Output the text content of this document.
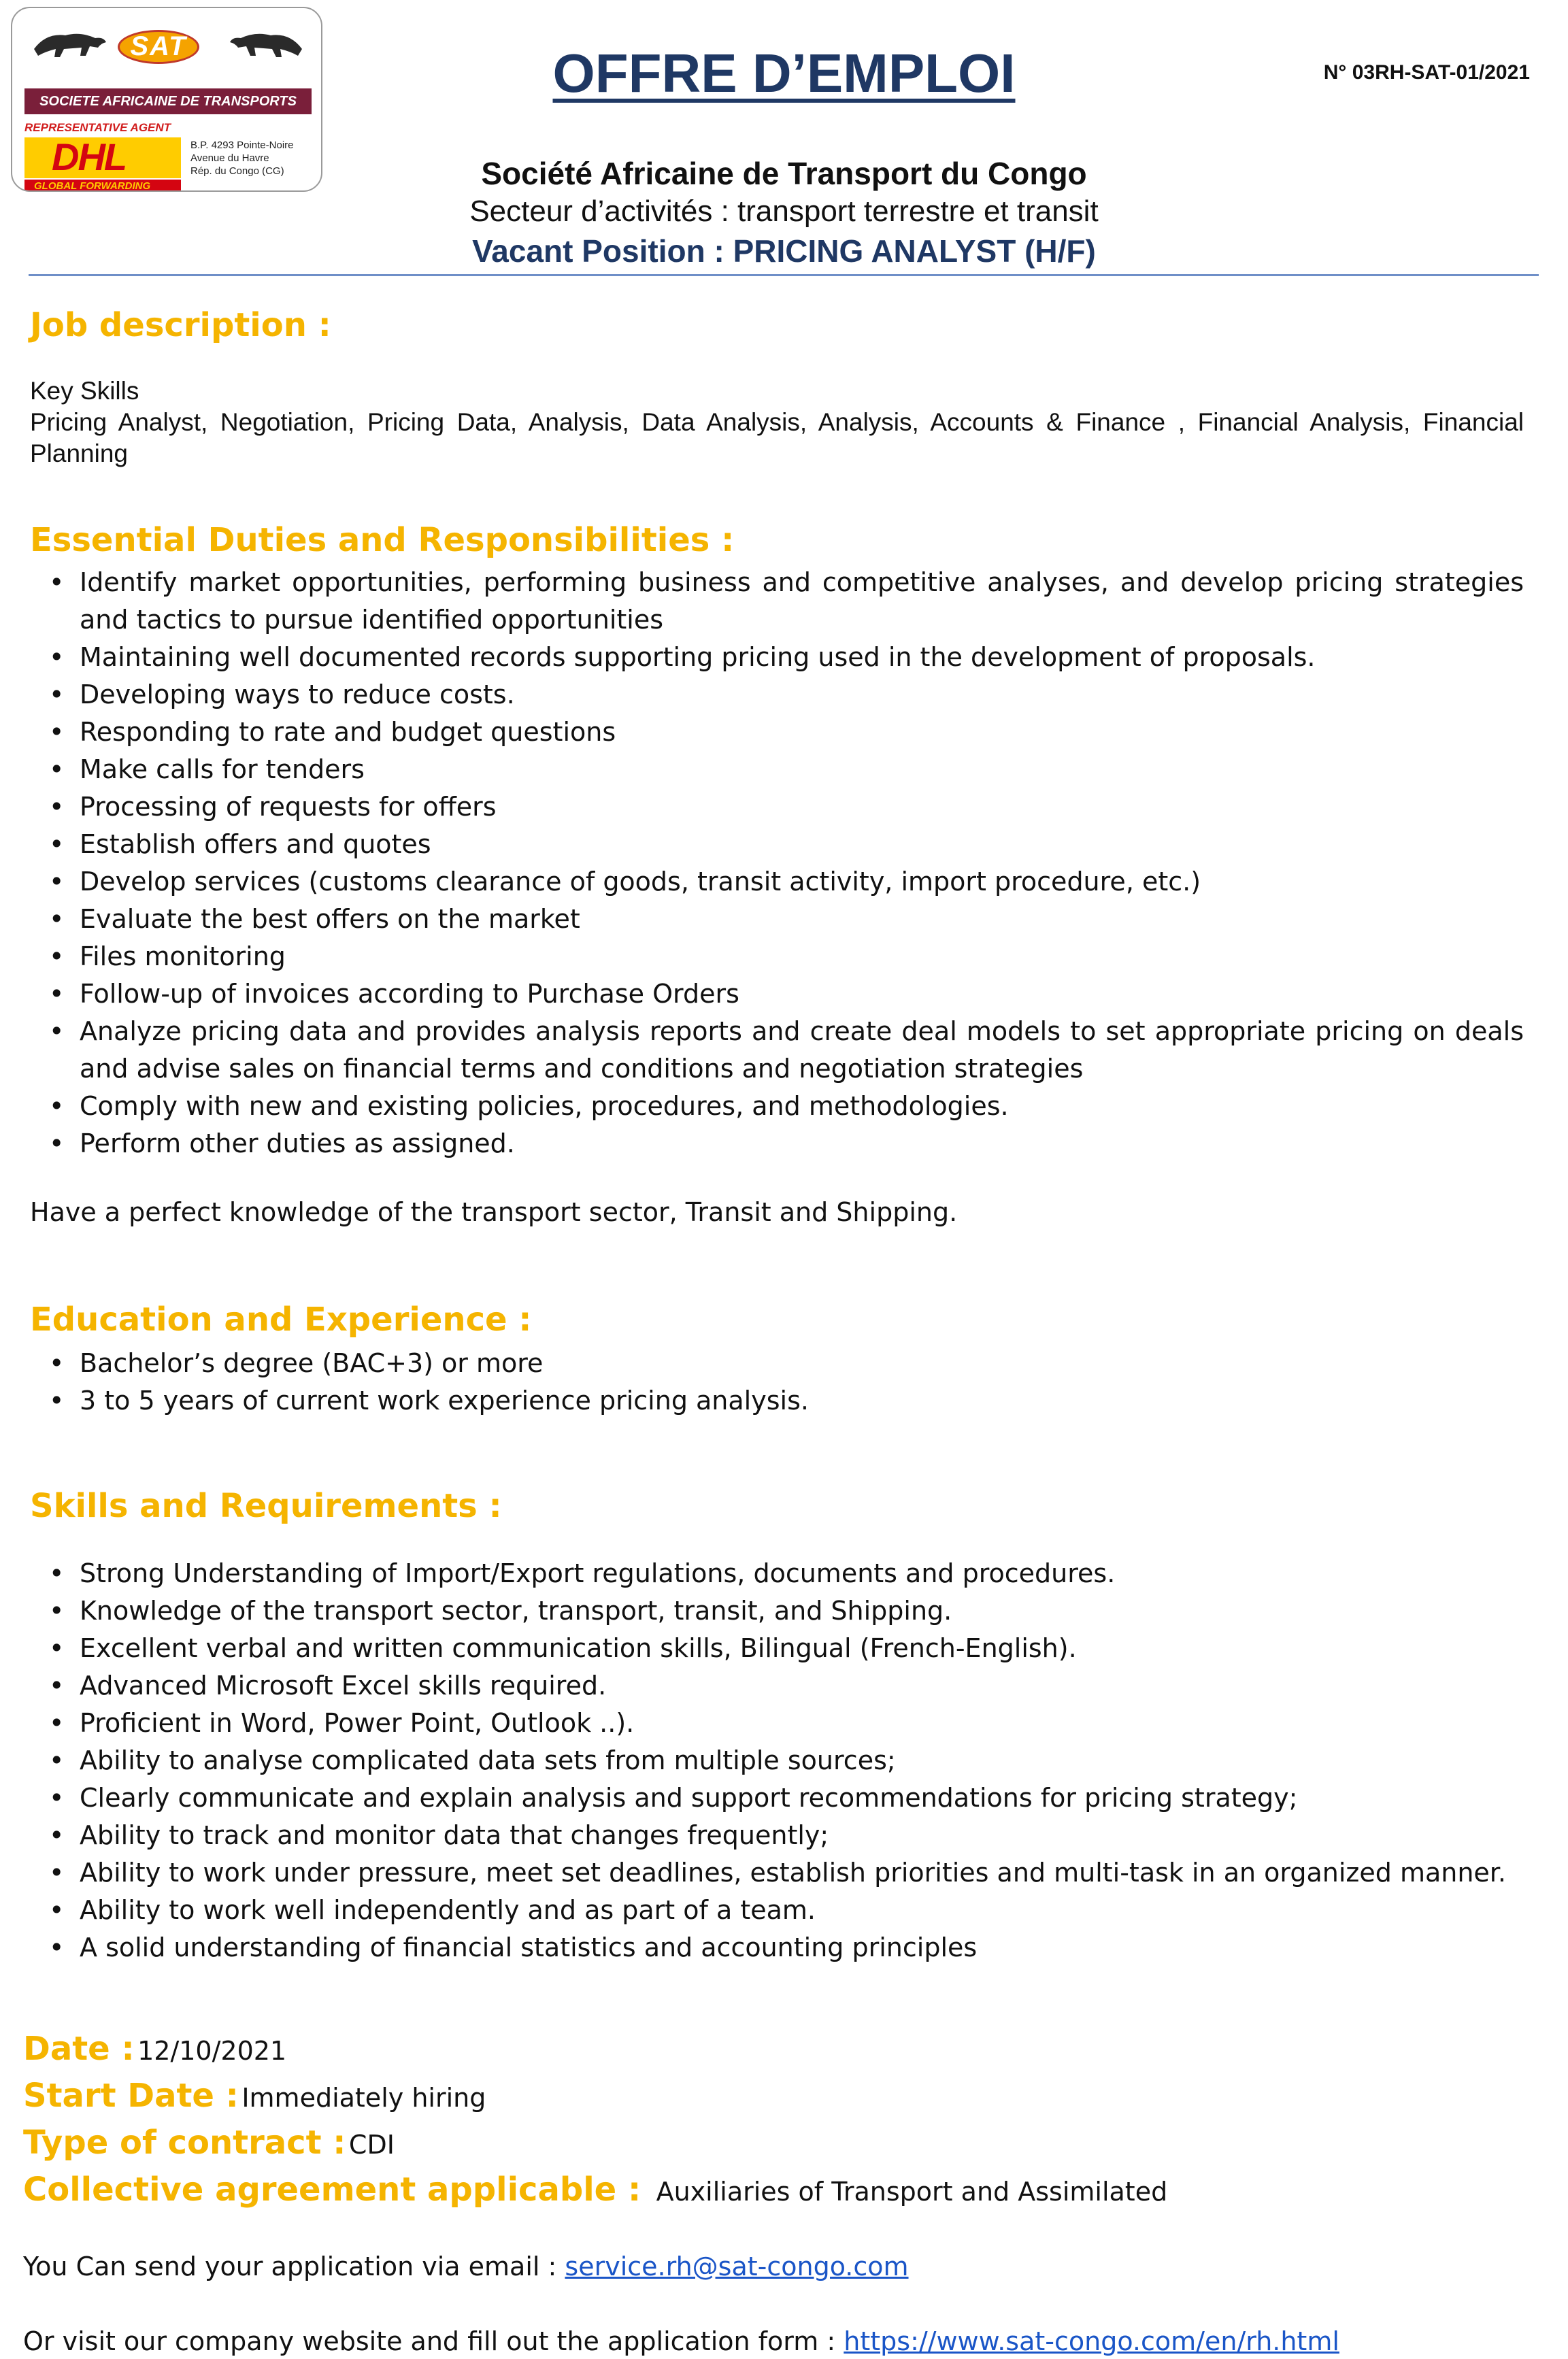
SAT
SOCIETE AFRICAINE DE TRANSPORTS
REPRESENTATIVE AGENT
DHL
GLOBAL FORWARDING
B.P. 4293 Pointe-Noire
Avenue du Havre
Rép. du Congo (CG)
OFFRE D’EMPLOI	N° 03RH-SAT-01/2021
Société Africaine de Transport du Congo
Secteur d’activités : transport terrestre et transit
Vacant Position : PRICING ANALYST (H/F)
Job description :
Key Skills
Pricing Analyst, Negotiation, Pricing Data, Analysis, Data Analysis, Analysis, Accounts & Finance , Financial Analysis, Financial Planning
Essential Duties and Responsibilities :
• Identify market opportunities, performing business and competitive analyses, and develop pricing strategies and tactics to pursue identified opportunities
• Maintaining well documented records supporting pricing used in the development of proposals.
• Developing ways to reduce costs.
• Responding to rate and budget questions
• Make calls for tenders
• Processing of requests for offers
• Establish offers and quotes
• Develop services (customs clearance of goods, transit activity, import procedure, etc.)
• Evaluate the best offers on the market
• Files monitoring
• Follow-up of invoices according to Purchase Orders
• Analyze pricing data and provides analysis reports and create deal models to set appropriate pricing on deals and advise sales on financial terms and conditions and negotiation strategies
• Comply with new and existing policies, procedures, and methodologies.
• Perform other duties as assigned.
Have a perfect knowledge of the transport sector, Transit and Shipping.
Education and Experience :
• Bachelor’s degree (BAC+3) or more
• 3 to 5 years of current work experience pricing analysis.
Skills and Requirements :
• Strong Understanding of Import/Export regulations, documents and procedures.
• Knowledge of the transport sector, transport, transit, and Shipping.
• Excellent verbal and written communication skills, Bilingual (French-English).
• Advanced Microsoft Excel skills required.
• Proficient in Word, Power Point, Outlook ..).
• Ability to analyse complicated data sets from multiple sources;
• Clearly communicate and explain analysis and support recommendations for pricing strategy;
• Ability to track and monitor data that changes frequently;
• Ability to work under pressure, meet set deadlines, establish priorities and multi-task in an organized manner.
• Ability to work well independently and as part of a team.
• A solid understanding of financial statistics and accounting principles
Date : 12/10/2021
Start Date : Immediately hiring
Type of contract : CDI
Collective agreement applicable : Auxiliaries of Transport and Assimilated
You Can send your application via email : service.rh@sat-congo.com
Or visit our company website and fill out the application form : https://www.sat-congo.com/en/rh.html
